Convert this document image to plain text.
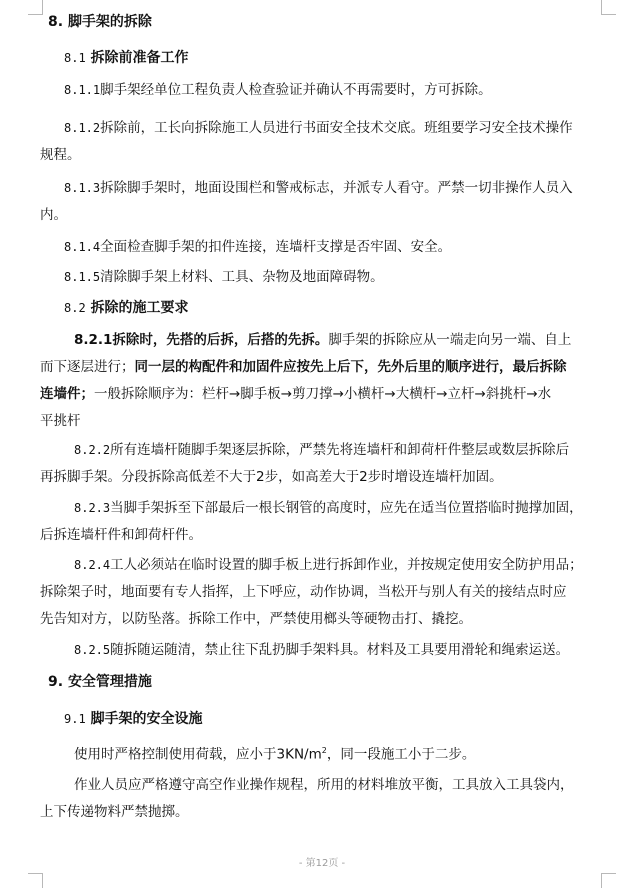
8. 脚手架的拆除
8.1 拆除前准备工作
8.1.1脚手架经单位工程负责人检查验证并确认不再需要时，方可拆除。
8.1.2拆除前，工长向拆除施工人员进行书面安全技术交底。班组要学习安全技术操作
规程。
8.1.3拆除脚手架时，地面设围栏和警戒标志，并派专人看守。严禁一切非操作人员入
内。
8.1.4全面检查脚手架的扣件连接，连墙杆支撑是否牢固、安全。
8.1.5清除脚手架上材料、工具、杂物及地面障碍物。
8.2 拆除的施工要求
8.2.1拆除时，先搭的后拆，后搭的先拆。脚手架的拆除应从一端走向另一端、自上
而下逐层进行；同一层的构配件和加固件应按先上后下，先外后里的顺序进行，最后拆除
连墙件；一般拆除顺序为：栏杆→脚手板→剪刀撑→小横杆→大横杆→立杆→斜挑杆→水
平挑杆
8.2.2所有连墙杆随脚手架逐层拆除，严禁先将连墙杆和卸荷杆件整层或数层拆除后
再拆脚手架。分段拆除高低差不大于2步，如高差大于2步时增设连墙杆加固。
8.2.3当脚手架拆至下部最后一根长钢管的高度时，应先在适当位置搭临时抛撑加固，
后拆连墙杆件和卸荷杆件。
8.2.4工人必须站在临时设置的脚手板上进行拆卸作业，并按规定使用安全防护用品；
拆除架子时，地面要有专人指挥，上下呼应，动作协调，当松开与别人有关的接结点时应
先告知对方，以防坠落。拆除工作中，严禁使用榔头等硬物击打、撬挖。
8.2.5随拆随运随清，禁止往下乱扔脚手架料具。材料及工具要用滑轮和绳索运送。
9. 安全管理措施
9.1 脚手架的安全设施
使用时严格控制使用荷载，应小于$3KN/m^2$，同一段施工小于二步。
作业人员应严格遵守高空作业操作规程，所用的材料堆放平衡，工具放入工具袋内，
上下传递物料严禁抛掷。
- 第12页 -
